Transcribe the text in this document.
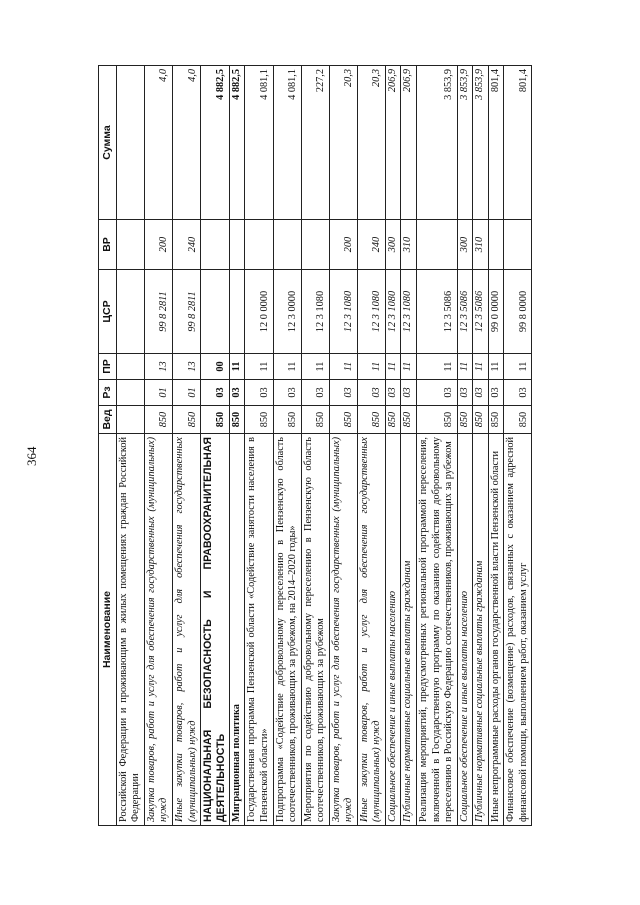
364
Наименование	Вед	Рз	ПР	ЦСР	ВР	Сумма
Российской Федерации и проживающим в жилых помещениях граждан Российской Федерации						
Закупка товаров, работ и услуг для обеспечения государственных (муниципальных) нужд	850	01	13	99 8 2811	200	4,0
Иные закупки товаров, работ и услуг для обеспечения государственных (муниципальных) нужд	850	01	13	99 8 2811	240	4,0
НАЦИОНАЛЬНАЯ БЕЗОПАСНОСТЬ И ПРАВООХРАНИТЕЛЬНАЯ ДЕЯТЕЛЬНОСТЬ	850	03	00			4 882,5
Миграционная политика	850	03	11			4 882,5
Государственная программа Пензенской области «Содействие занятости населения в Пензенской области»	850	03	11	12 0 0000		4 081,1
Подпрограмма «Содействие добровольному переселению в Пензенскую область соотечественников, проживающих за рубежом, на 2014–2020 годы»	850	03	11	12 3 0000		4 081,1
Мероприятия по содействию добровольному переселению в Пензенскую область соотечественников, проживающих за рубежом	850	03	11	12 3 1080		227,2
Закупка товаров, работ и услуг для обеспечения государственных (муниципальных) нужд	850	03	11	12 3 1080	200	20,3
Иные закупки товаров, работ и услуг для обеспечения государственных (муниципальных) нужд	850	03	11	12 3 1080	240	20,3
Социальное обеспечение и иные выплаты населению	850	03	11	12 3 1080	300	206,9
Публичные нормативные социальные выплаты гражданам	850	03	11	12 3 1080	310	206,9
Реализация мероприятий, предусмотренных региональной программой переселения, включенной в Государственную программу по оказанию содействия добровольному переселению в Российскую Федерацию соотечественников, проживающих за рубежом	850	03	11	12 3 5086		3 853,9
Социальное обеспечение и иные выплаты населению	850	03	11	12 3 5086	300	3 853,9
Публичные нормативные социальные выплаты гражданам	850	03	11	12 3 5086	310	3 853,9
Иные непрограммные расходы органов государственной власти Пензенской области	850	03	11	99 0 0000		801,4
Финансовое обеспечение (возмещение) расходов, связанных с оказанием адресной финансовой помощи, выполнением работ, оказанием услуг	850	03	11	99 8 0000		801,4
